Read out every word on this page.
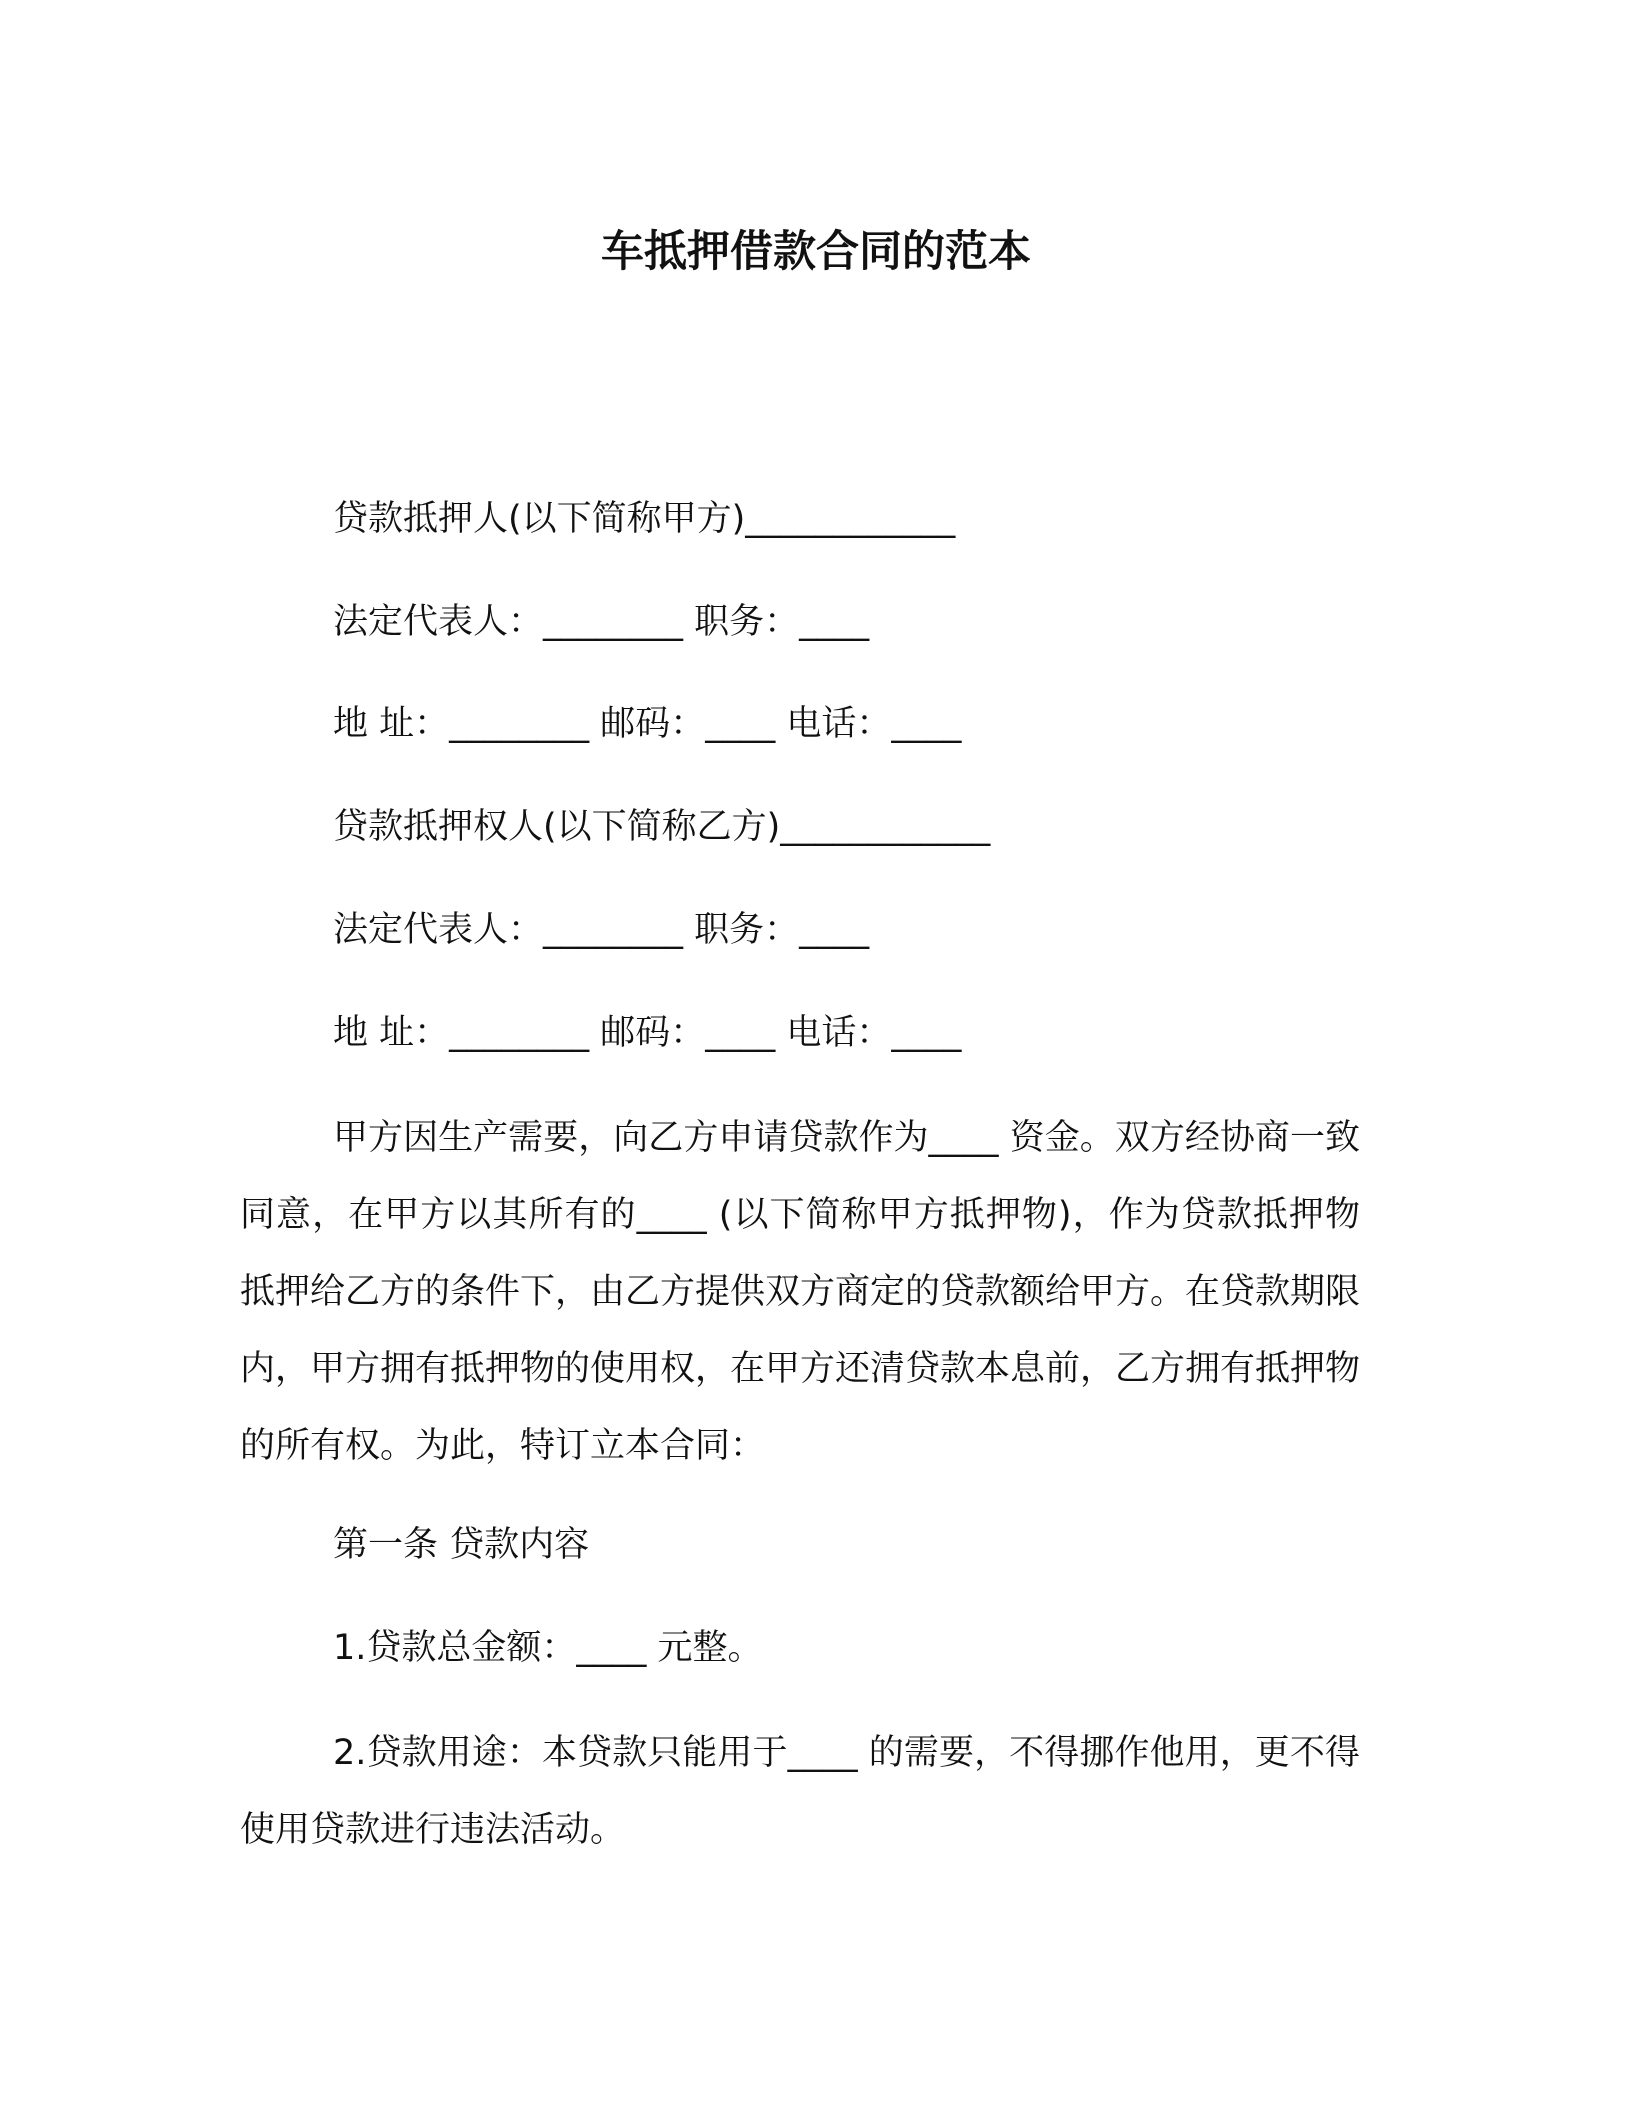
车抵押借款合同的范本
贷款抵押人(以下简称甲方)____________
法定代表人：________ 职务：____
地 址：________ 邮码：____ 电话：____
贷款抵押权人(以下简称乙方)____________
法定代表人：________ 职务：____
地 址：________ 邮码：____ 电话：____
甲方因生产需要，向乙方申请贷款作为____ 资金。双方经协商一致同意，在甲方以其所有的____ (以下简称甲方抵押物)，作为贷款抵押物抵押给乙方的条件下，由乙方提供双方商定的贷款额给甲方。在贷款期限内，甲方拥有抵押物的使用权，在甲方还清贷款本息前，乙方拥有抵押物的所有权。为此，特订立本合同：
第一条 贷款内容
1.贷款总金额：____ 元整。
2.贷款用途：本贷款只能用于____ 的需要，不得挪作他用，更不得使用贷款进行违法活动。
